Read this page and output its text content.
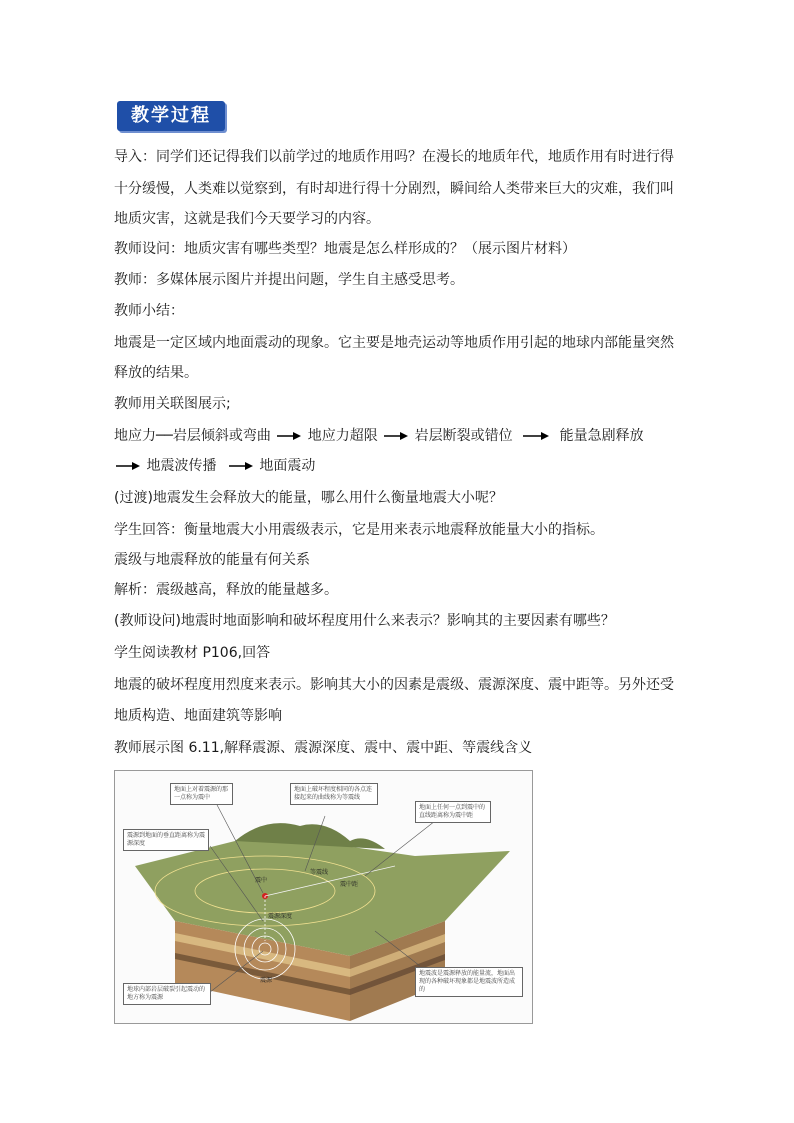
教学过程
导入：同学们还记得我们以前学过的地质作用吗？在漫长的地质年代，地质作用有时进行得
十分缓慢，人类难以觉察到，有时却进行得十分剧烈，瞬间给人类带来巨大的灾难，我们叫
地质灾害，这就是我们今天要学习的内容。
教师设问：地质灾害有哪些类型？地震是怎么样形成的？（展示图片材料）
教师：多媒体展示图片并提出问题，学生自主感受思考。
教师小结：
地震是一定区域内地面震动的现象。它主要是地壳运动等地质作用引起的地球内部能量突然
释放的结果。
教师用关联图展示;
地应力──岩层倾斜或弯曲	地应力超限	岩层断裂或错位	能量急剧释放
地震波传播	地面震动
(过渡)地震发生会释放大的能量，哪么用什么衡量地震大小呢？
学生回答：衡量地震大小用震级表示，它是用来表示地震释放能量大小的指标。
震级与地震释放的能量有何关系
解析：震级越高，释放的能量越多。
(教师设问)地震时地面影响和破坏程度用什么来表示？影响其的主要因素有哪些？
学生阅读教材 P106,回答
地震的破坏程度用烈度来表示。影响其大小的因素是震级、震源深度、震中距等。另外还受
地质构造、地面建筑等影响
教师展示图 6.11,解释震源、震源深度、震中、震中距、等震线含义
地面上对着震源的那一点称为震中
地面上破坏程度相同的各点连接起来的曲线称为等震线
地面上任何一点到震中的直线距离称为震中距
震源到地面的垂直距离称为震源深度
地球内部岩层破裂引起震动的地方称为震源
地震波是震源释放的能量流，地面出现的各种破坏现象都是地震波所造成的
震中
等震线
震中距
震源深度
震源
